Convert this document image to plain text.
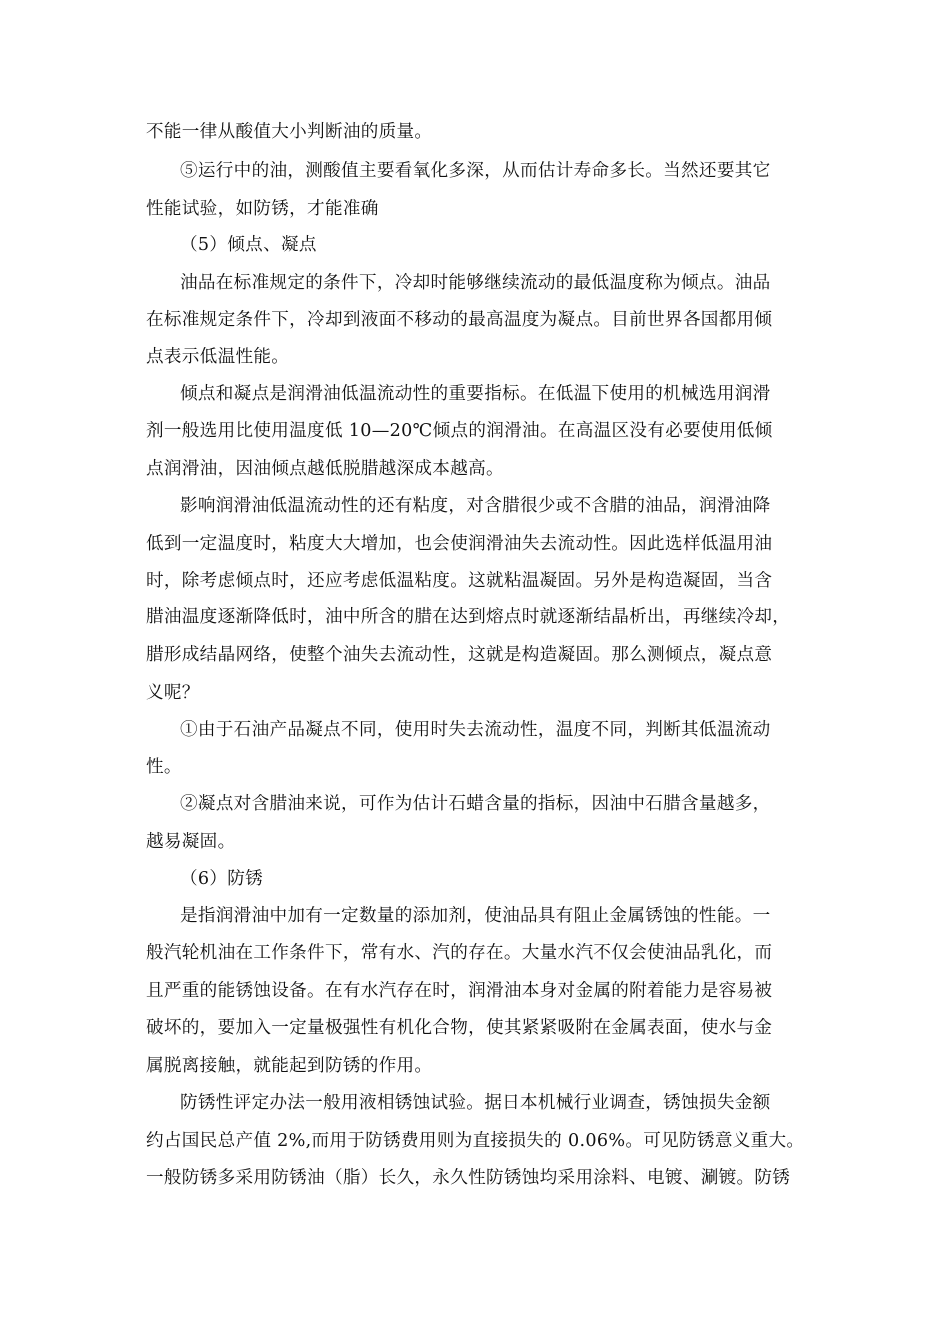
不能一律从酸值大小判断油的质量。
⑤运行中的油，测酸值主要看氧化多深，从而估计寿命多长。当然还要其它
性能试验，如防锈，才能准确
（5）倾点、凝点
油品在标准规定的条件下，冷却时能够继续流动的最低温度称为倾点。油品
在标准规定条件下，冷却到液面不移动的最高温度为凝点。目前世界各国都用倾
点表示低温性能。
倾点和凝点是润滑油低温流动性的重要指标。在低温下使用的机械选用润滑
剂一般选用比使用温度低 10—20℃倾点的润滑油。在高温区没有必要使用低倾
点润滑油，因油倾点越低脱腊越深成本越高。
影响润滑油低温流动性的还有粘度，对含腊很少或不含腊的油品，润滑油降
低到一定温度时，粘度大大增加，也会使润滑油失去流动性。因此选样低温用油
时，除考虑倾点时，还应考虑低温粘度。这就粘温凝固。另外是构造凝固，当含
腊油温度逐渐降低时，油中所含的腊在达到熔点时就逐渐结晶析出，再继续冷却，
腊形成结晶网络，使整个油失去流动性，这就是构造凝固。那么测倾点，凝点意
义呢？
①由于石油产品凝点不同，使用时失去流动性，温度不同，判断其低温流动
性。
②凝点对含腊油来说，可作为估计石蜡含量的指标，因油中石腊含量越多，
越易凝固。
（6）防锈
是指润滑油中加有一定数量的添加剂，使油品具有阻止金属锈蚀的性能。一
般汽轮机油在工作条件下，常有水、汽的存在。大量水汽不仅会使油品乳化，而
且严重的能锈蚀设备。在有水汽存在时，润滑油本身对金属的附着能力是容易被
破坏的，要加入一定量极强性有机化合物，使其紧紧吸附在金属表面，使水与金
属脱离接触，就能起到防锈的作用。
防锈性评定办法一般用液相锈蚀试验。据日本机械行业调查，锈蚀损失金额
约占国民总产值 2%,而用于防锈费用则为直接损失的 0.06%。可见防锈意义重大。
一般防锈多采用防锈油（脂）长久，永久性防锈蚀均采用涂料、电镀、涮镀。防锈
